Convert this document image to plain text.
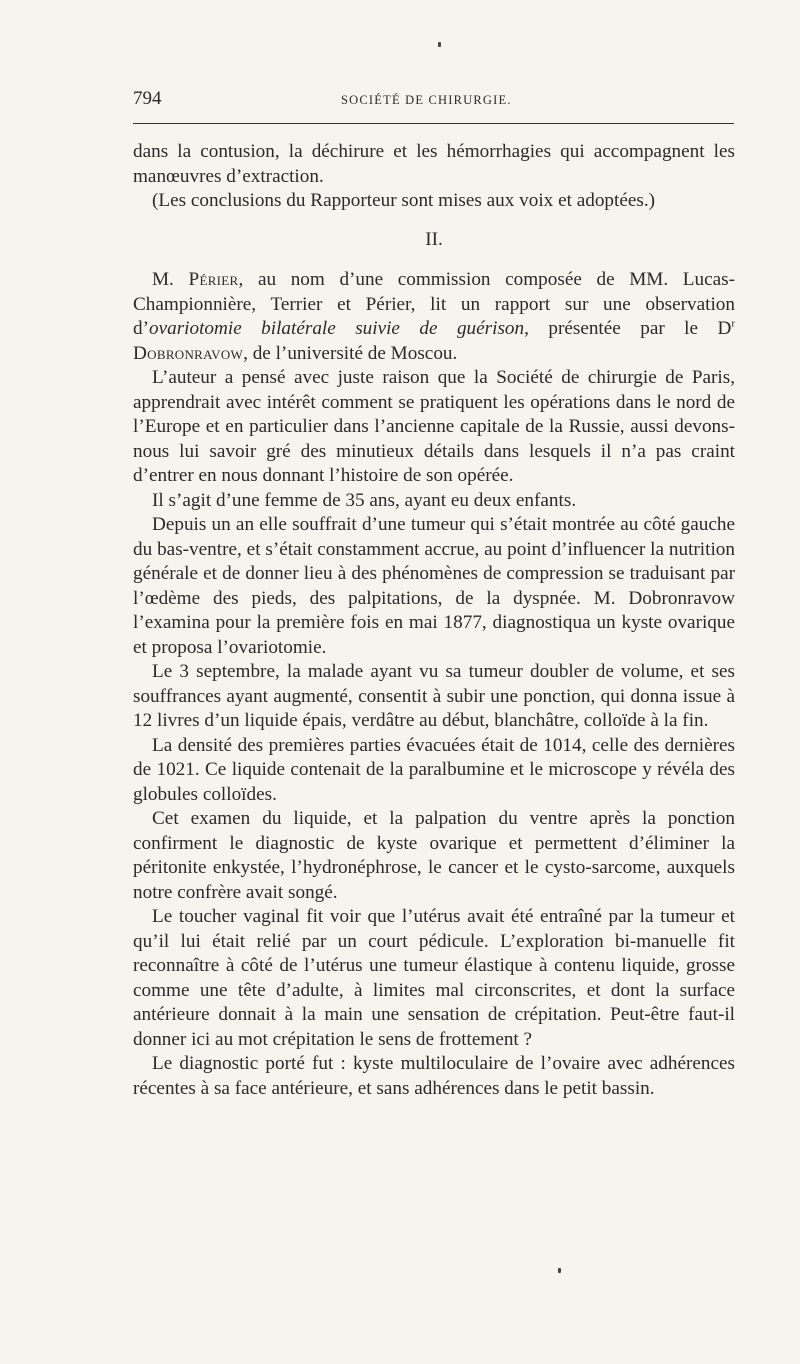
794	SOCIÉTÉ DE CHIRURGIE.

dans la contusion, la déchirure et les hémorrhagies qui accompagnent les manœuvres d’extraction.

(Les conclusions du Rapporteur sont mises aux voix et adoptées.)

II.

M. Périer, au nom d’une commission composée de MM. Lucas-Championnière, Terrier et Périer, lit un rapport sur une observation d’ovariotomie bilatérale suivie de guérison, présentée par le $D^r$ Dobronravow, de l’université de Moscou.

L’auteur a pensé avec juste raison que la Société de chirurgie de Paris, apprendrait avec intérêt comment se pratiquent les opérations dans le nord de l’Europe et en particulier dans l’ancienne capitale de la Russie, aussi devons-nous lui savoir gré des minutieux détails dans lesquels il n’a pas craint d’entrer en nous donnant l’histoire de son opérée.

Il s’agit d’une femme de 35 ans, ayant eu deux enfants.

Depuis un an elle souffrait d’une tumeur qui s’était montrée au côté gauche du bas-ventre, et s’était constamment accrue, au point d’influencer la nutrition générale et de donner lieu à des phénomènes de compression se traduisant par l’œdème des pieds, des palpitations, de la dyspnée. M. Dobronravow l’examina pour la première fois en mai 1877, diagnostiqua un kyste ovarique et proposa l’ovariotomie.

Le 3 septembre, la malade ayant vu sa tumeur doubler de volume, et ses souffrances ayant augmenté, consentit à subir une ponction, qui donna issue à 12 livres d’un liquide épais, verdâtre au début, blanchâtre, colloïde à la fin.

La densité des premières parties évacuées était de 1014, celle des dernières de 1021. Ce liquide contenait de la paralbumine et le microscope y révéla des globules colloïdes.

Cet examen du liquide, et la palpation du ventre après la ponction confirment le diagnostic de kyste ovarique et permettent d’éliminer la péritonite enkystée, l’hydronéphrose, le cancer et le cysto-sarcome, auxquels notre confrère avait songé.

Le toucher vaginal fit voir que l’utérus avait été entraîné par la tumeur et qu’il lui était relié par un court pédicule. L’exploration bi-manuelle fit reconnaître à côté de l’utérus une tumeur élastique à contenu liquide, grosse comme une tête d’adulte, à limites mal circonscrites, et dont la surface antérieure donnait à la main une sensation de crépitation. Peut-être faut-il donner ici au mot crépitation le sens de frottement ?

Le diagnostic porté fut : kyste multiloculaire de l’ovaire avec adhérences récentes à sa face antérieure, et sans adhérences dans le petit bassin.
